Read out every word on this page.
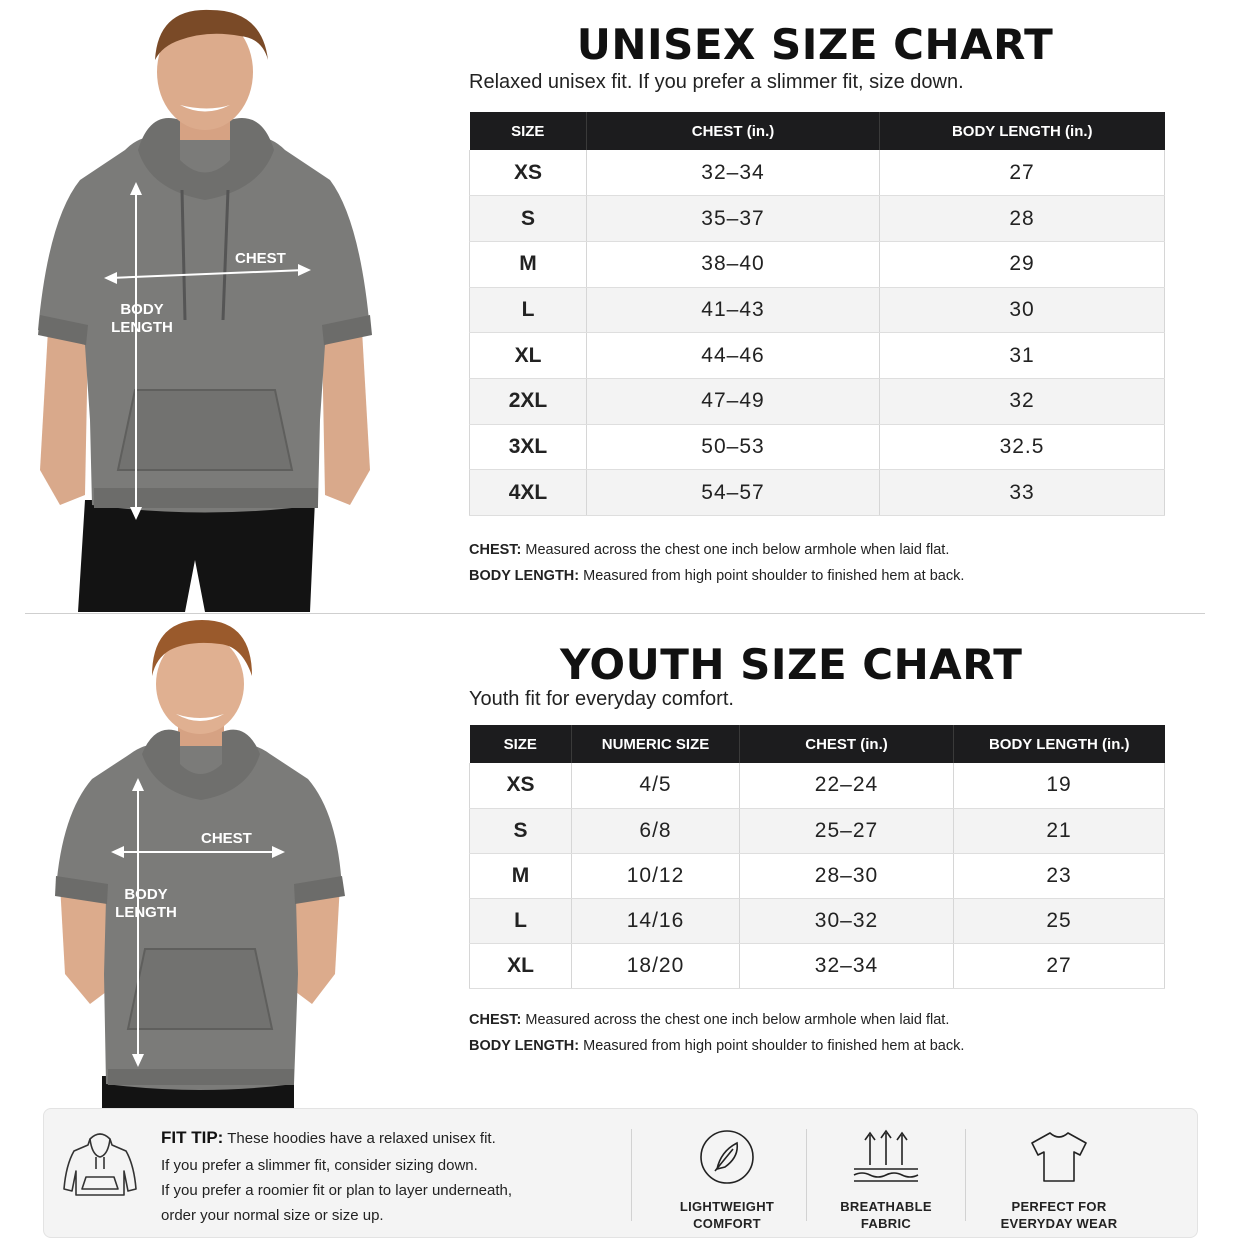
CHEST
BODY
LENGTH
UNISEX SIZE CHART

Relaxed unisex fit. If you prefer a slimmer fit, size down.

SIZE	CHEST (in.)	BODY LENGTH (in.)
XS	32–34	27
S	35–37	28
M	38–40	29
L	41–43	30
XL	44–46	31
2XL	47–49	32
3XL	50–53	32.5
4XL	54–57	33
CHEST: Measured across the chest one inch below armhole when laid flat.
BODY LENGTH: Measured from high point shoulder to finished hem at back.
CHEST
BODY
LENGTH
YOUTH SIZE CHART

Youth fit for everyday comfort.

SIZE	NUMERIC SIZE	CHEST (in.)	BODY LENGTH (in.)
XS	4/5	22–24	19
S	6/8	25–27	21
M	10/12	28–30	23
L	14/16	30–32	25
XL	18/20	32–34	27
CHEST: Measured across the chest one inch below armhole when laid flat.
BODY LENGTH: Measured from high point shoulder to finished hem at back.
FIT TIP: These hoodies have a relaxed unisex fit.
If you prefer a slimmer fit, consider sizing down.
If you prefer a roomier fit or plan to layer underneath,
order your normal size or size up.
LIGHTWEIGHT
COMFORT
BREATHABLE
FABRIC
PERFECT FOR
EVERYDAY WEAR
